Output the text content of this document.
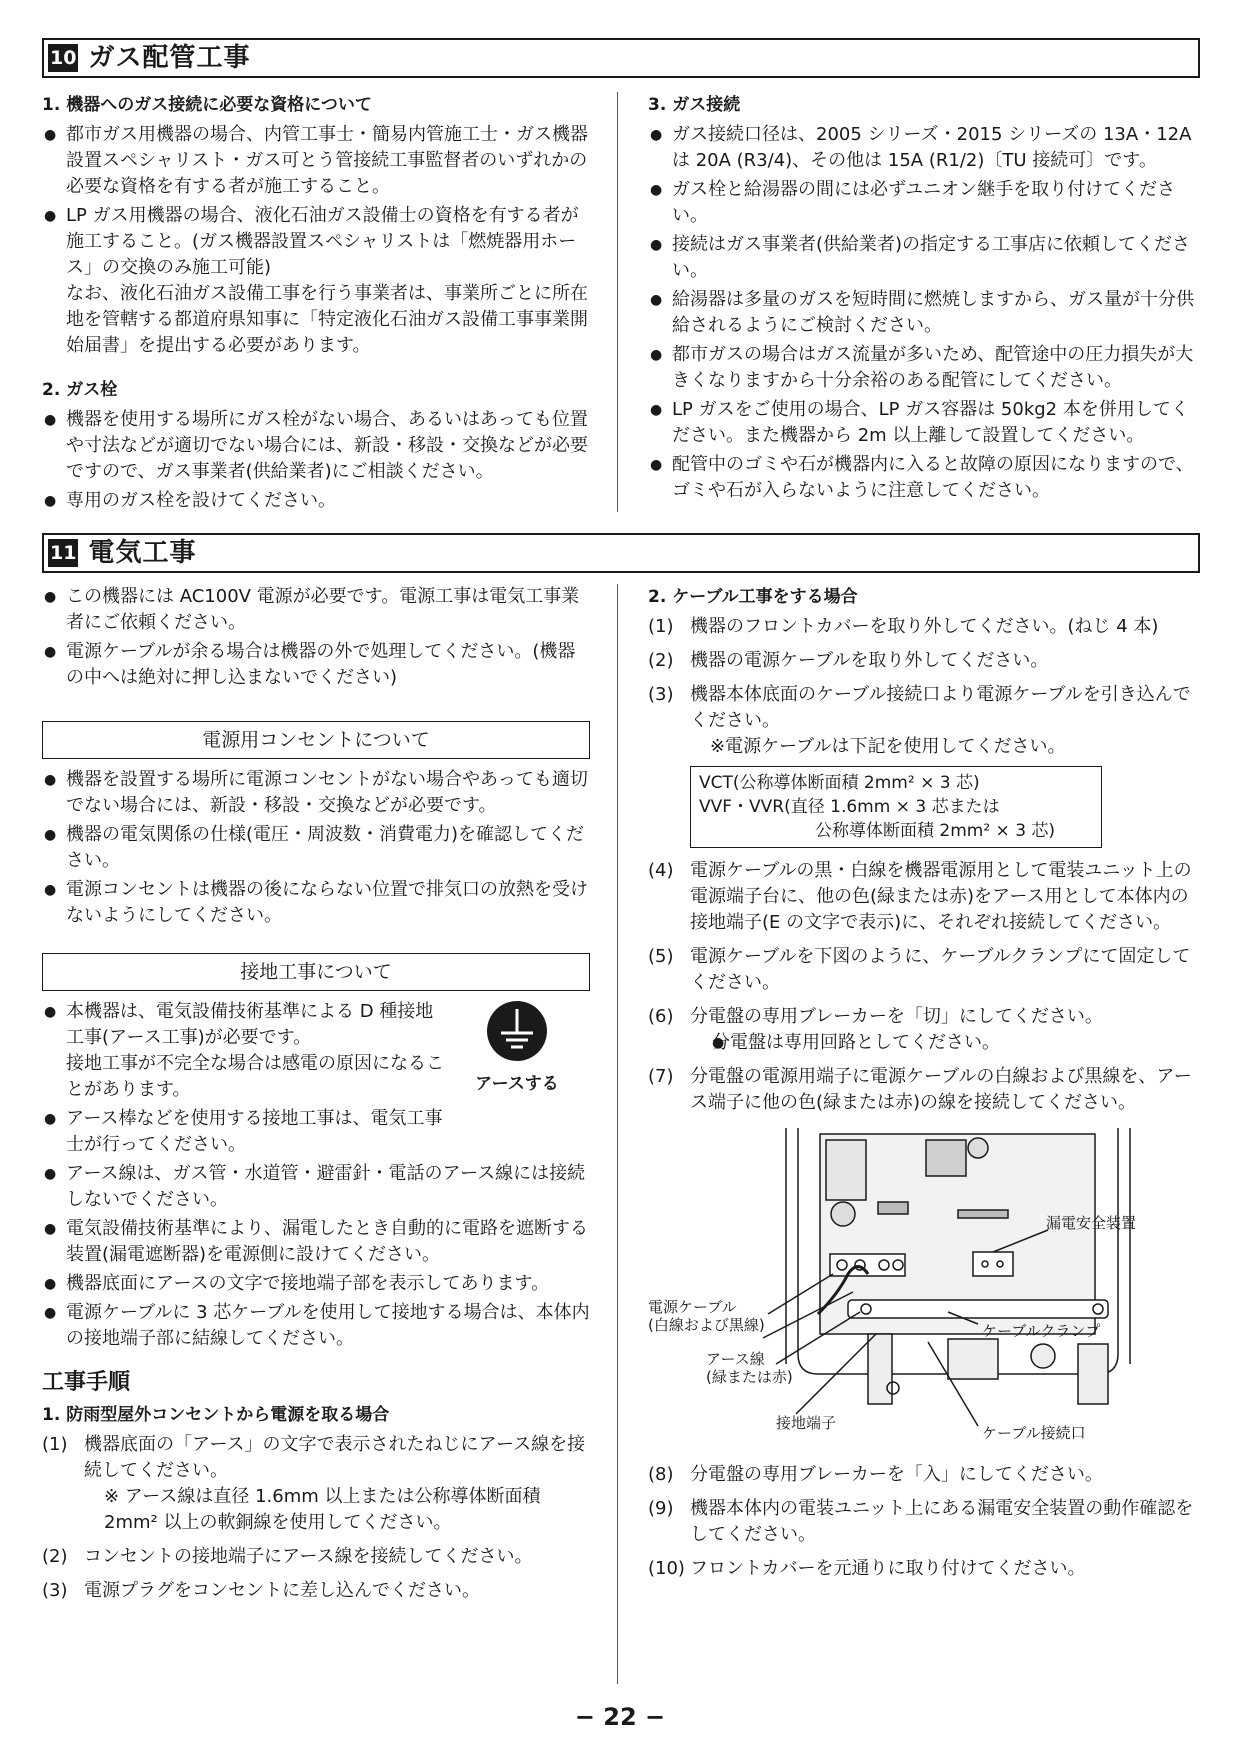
10 ガス配管工事
1. 機器へのガス接続に必要な資格について
● 都市ガス用機器の場合、内管工事士・簡易内管施工士・ガス機器設置スペシャリスト・ガス可とう管接続工事監督者のいずれかの必要な資格を有する者が施工すること。
● LP ガス用機器の場合、液化石油ガス設備士の資格を有する者が施工すること。(ガス機器設置スペシャリストは「燃焼器用ホース」の交換のみ施工可能)
なお、液化石油ガス設備工事を行う事業者は、事業所ごとに所在地を管轄する都道府県知事に「特定液化石油ガス設備工事事業開始届書」を提出する必要があります。
2. ガス栓
● 機器を使用する場所にガス栓がない場合、あるいはあっても位置や寸法などが適切でない場合には、新設・移設・交換などが必要ですので、ガス事業者(供給業者)にご相談ください。
● 専用のガス栓を設けてください。
3. ガス接続
● ガス接続口径は、2005 シリーズ・2015 シリーズの 13A・12A は 20A (R3/4)、その他は 15A (R1/2)〔TU 接続可〕です。
● ガス栓と給湯器の間には必ずユニオン継手を取り付けてください。
● 接続はガス事業者(供給業者)の指定する工事店に依頼してください。
● 給湯器は多量のガスを短時間に燃焼しますから、ガス量が十分供給されるようにご検討ください。
● 都市ガスの場合はガス流量が多いため、配管途中の圧力損失が大きくなりますから十分余裕のある配管にしてください。
● LP ガスをご使用の場合、LP ガス容器は 50kg2 本を併用してください。また機器から 2m 以上離して設置してください。
● 配管中のゴミや石が機器内に入ると故障の原因になりますので、ゴミや石が入らないように注意してください。
11 電気工事
● この機器には AC100V 電源が必要です。電源工事は電気工事業者にご依頼ください。
● 電源ケーブルが余る場合は機器の外で処理してください。(機器の中へは絶対に押し込まないでください)
電源用コンセントについて
● 機器を設置する場所に電源コンセントがない場合やあっても適切でない場合には、新設・移設・交換などが必要です。
● 機器の電気関係の仕様(電圧・周波数・消費電力)を確認してください。
● 電源コンセントは機器の後にならない位置で排気口の放熱を受けないようにしてください。
接地工事について
アースする
● 本機器は、電気設備技術基準による D 種接地工事(アース工事)が必要です。
接地工事が不完全な場合は感電の原因になることがあります。
● アース棒などを使用する接地工事は、電気工事士が行ってください。
● アース線は、ガス管・水道管・避雷針・電話のアース線には接続しないでください。
● 電気設備技術基準により、漏電したとき自動的に電路を遮断する装置(漏電遮断器)を電源側に設けてください。
● 機器底面にアースの文字で接地端子部を表示してあります。
● 電源ケーブルに 3 芯ケーブルを使用して接地する場合は、本体内の接地端子部に結線してください。
工事手順
1. 防雨型屋外コンセントから電源を取る場合
(1) 機器底面の「アース」の文字で表示されたねじにアース線を接続してください。
※ アース線は直径 1.6mm 以上または公称導体断面積 2mm² 以上の軟銅線を使用してください。
(2) コンセントの接地端子にアース線を接続してください。
(3) 電源プラグをコンセントに差し込んでください。
2. ケーブル工事をする場合
(1) 機器のフロントカバーを取り外してください。(ねじ 4 本)
(2) 機器の電源ケーブルを取り外してください。
(3) 機器本体底面のケーブル接続口より電源ケーブルを引き込んでください。
※電源ケーブルは下記を使用してください。
VCT(公称導体断面積 2mm² × 3 芯)
VVF・VVR(直径 1.6mm × 3 芯または
公称導体断面積 2mm² × 3 芯)
(4) 電源ケーブルの黒・白線を機器電源用として電装ユニット上の電源端子台に、他の色(緑または赤)をアース用として本体内の接地端子(E の文字で表示)に、それぞれ接続してください。
(5) 電源ケーブルを下図のように、ケーブルクランプにて固定してください。
(6) 分電盤の専用ブレーカーを「切」にしてください。
● 分電盤は専用回路としてください。
(7) 分電盤の電源用端子に電源ケーブルの白線および黒線を、アース端子に他の色(緑または赤)の線を接続してください。
漏電安全装置
電源ケーブル
(白線および黒線)	ケーブルクランプ
アース線
(緑または赤)
接地端子
ケーブル接続口
(8) 分電盤の専用ブレーカーを「入」にしてください。
(9) 機器本体内の電装ユニット上にある漏電安全装置の動作確認をしてください。
(10) フロントカバーを元通りに取り付けてください。
− 22 −
